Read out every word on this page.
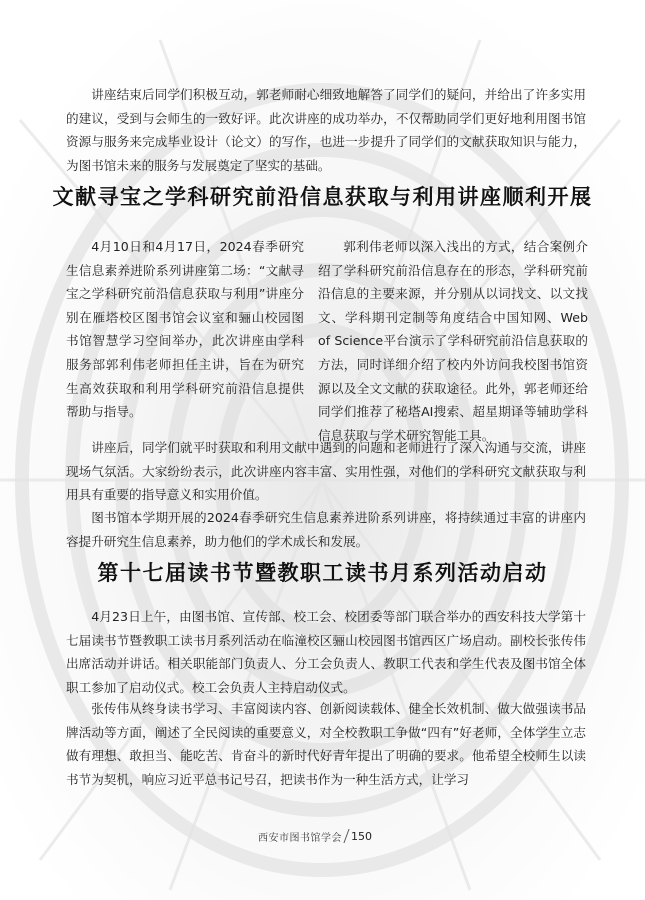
讲座结束后同学们积极互动，郭老师耐心细致地解答了同学们的疑问，并给出了许多实用的建议，受到与会师生的一致好评。此次讲座的成功举办，不仅帮助同学们更好地利用图书馆资源与服务来完成毕业设计（论文）的写作，也进一步提升了同学们的文献获取知识与能力，为图书馆未来的服务与发展奠定了坚实的基础。

文献寻宝之学科研究前沿信息获取与利用讲座顺利开展

4月10日和4月17日，2024春季研究生信息素养进阶系列讲座第二场：“文献寻宝之学科研究前沿信息获取与利用”讲座分别在雁塔校区图书馆会议室和骊山校园图书馆智慧学习空间举办，此次讲座由学科服务部郭利伟老师担任主讲，旨在为研究生高效获取和利用学科研究前沿信息提供帮助与指导。

郭利伟老师以深入浅出的方式，结合案例介绍了学科研究前沿信息存在的形态，学科研究前沿信息的主要来源，并分别从以词找文、以文找文、学科期刊定制等角度结合中国知网、Web of Science平台演示了学科研究前沿信息获取的方法，同时详细介绍了校内外访问我校图书馆资源以及全文文献的获取途径。此外，郭老师还给同学们推荐了秘塔AI搜索、超星期译等辅助学科信息获取与学术研究智能工具。

讲座后，同学们就平时获取和利用文献中遇到的问题和老师进行了深入沟通与交流，讲座现场气氛活。大家纷纷表示，此次讲座内容丰富、实用性强，对他们的学科研究文献获取与利用具有重要的指导意义和实用价值。

图书馆本学期开展的2024春季研究生信息素养进阶系列讲座，将持续通过丰富的讲座内容提升研究生信息素养，助力他们的学术成长和发展。

第十七届读书节暨教职工读书月系列活动启动

4月23日上午，由图书馆、宣传部、校工会、校团委等部门联合举办的西安科技大学第十七届读书节暨教职工读书月系列活动在临潼校区骊山校园图书馆西区广场启动。副校长张传伟出席活动并讲话。相关职能部门负责人、分工会负责人、教职工代表和学生代表及图书馆全体职工参加了启动仪式。校工会负责人主持启动仪式。

张传伟从终身读书学习、丰富阅读内容、创新阅读载体、健全长效机制、做大做强读书品牌活动等方面，阐述了全民阅读的重要意义，对全校教职工争做“四有”好老师，全体学生立志做有理想、敢担当、能吃苦、肯奋斗的新时代好青年提出了明确的要求。他希望全校师生以读书节为契机，响应习近平总书记号召，把读书作为一种生活方式，让学习

西安市图书馆学会 150
